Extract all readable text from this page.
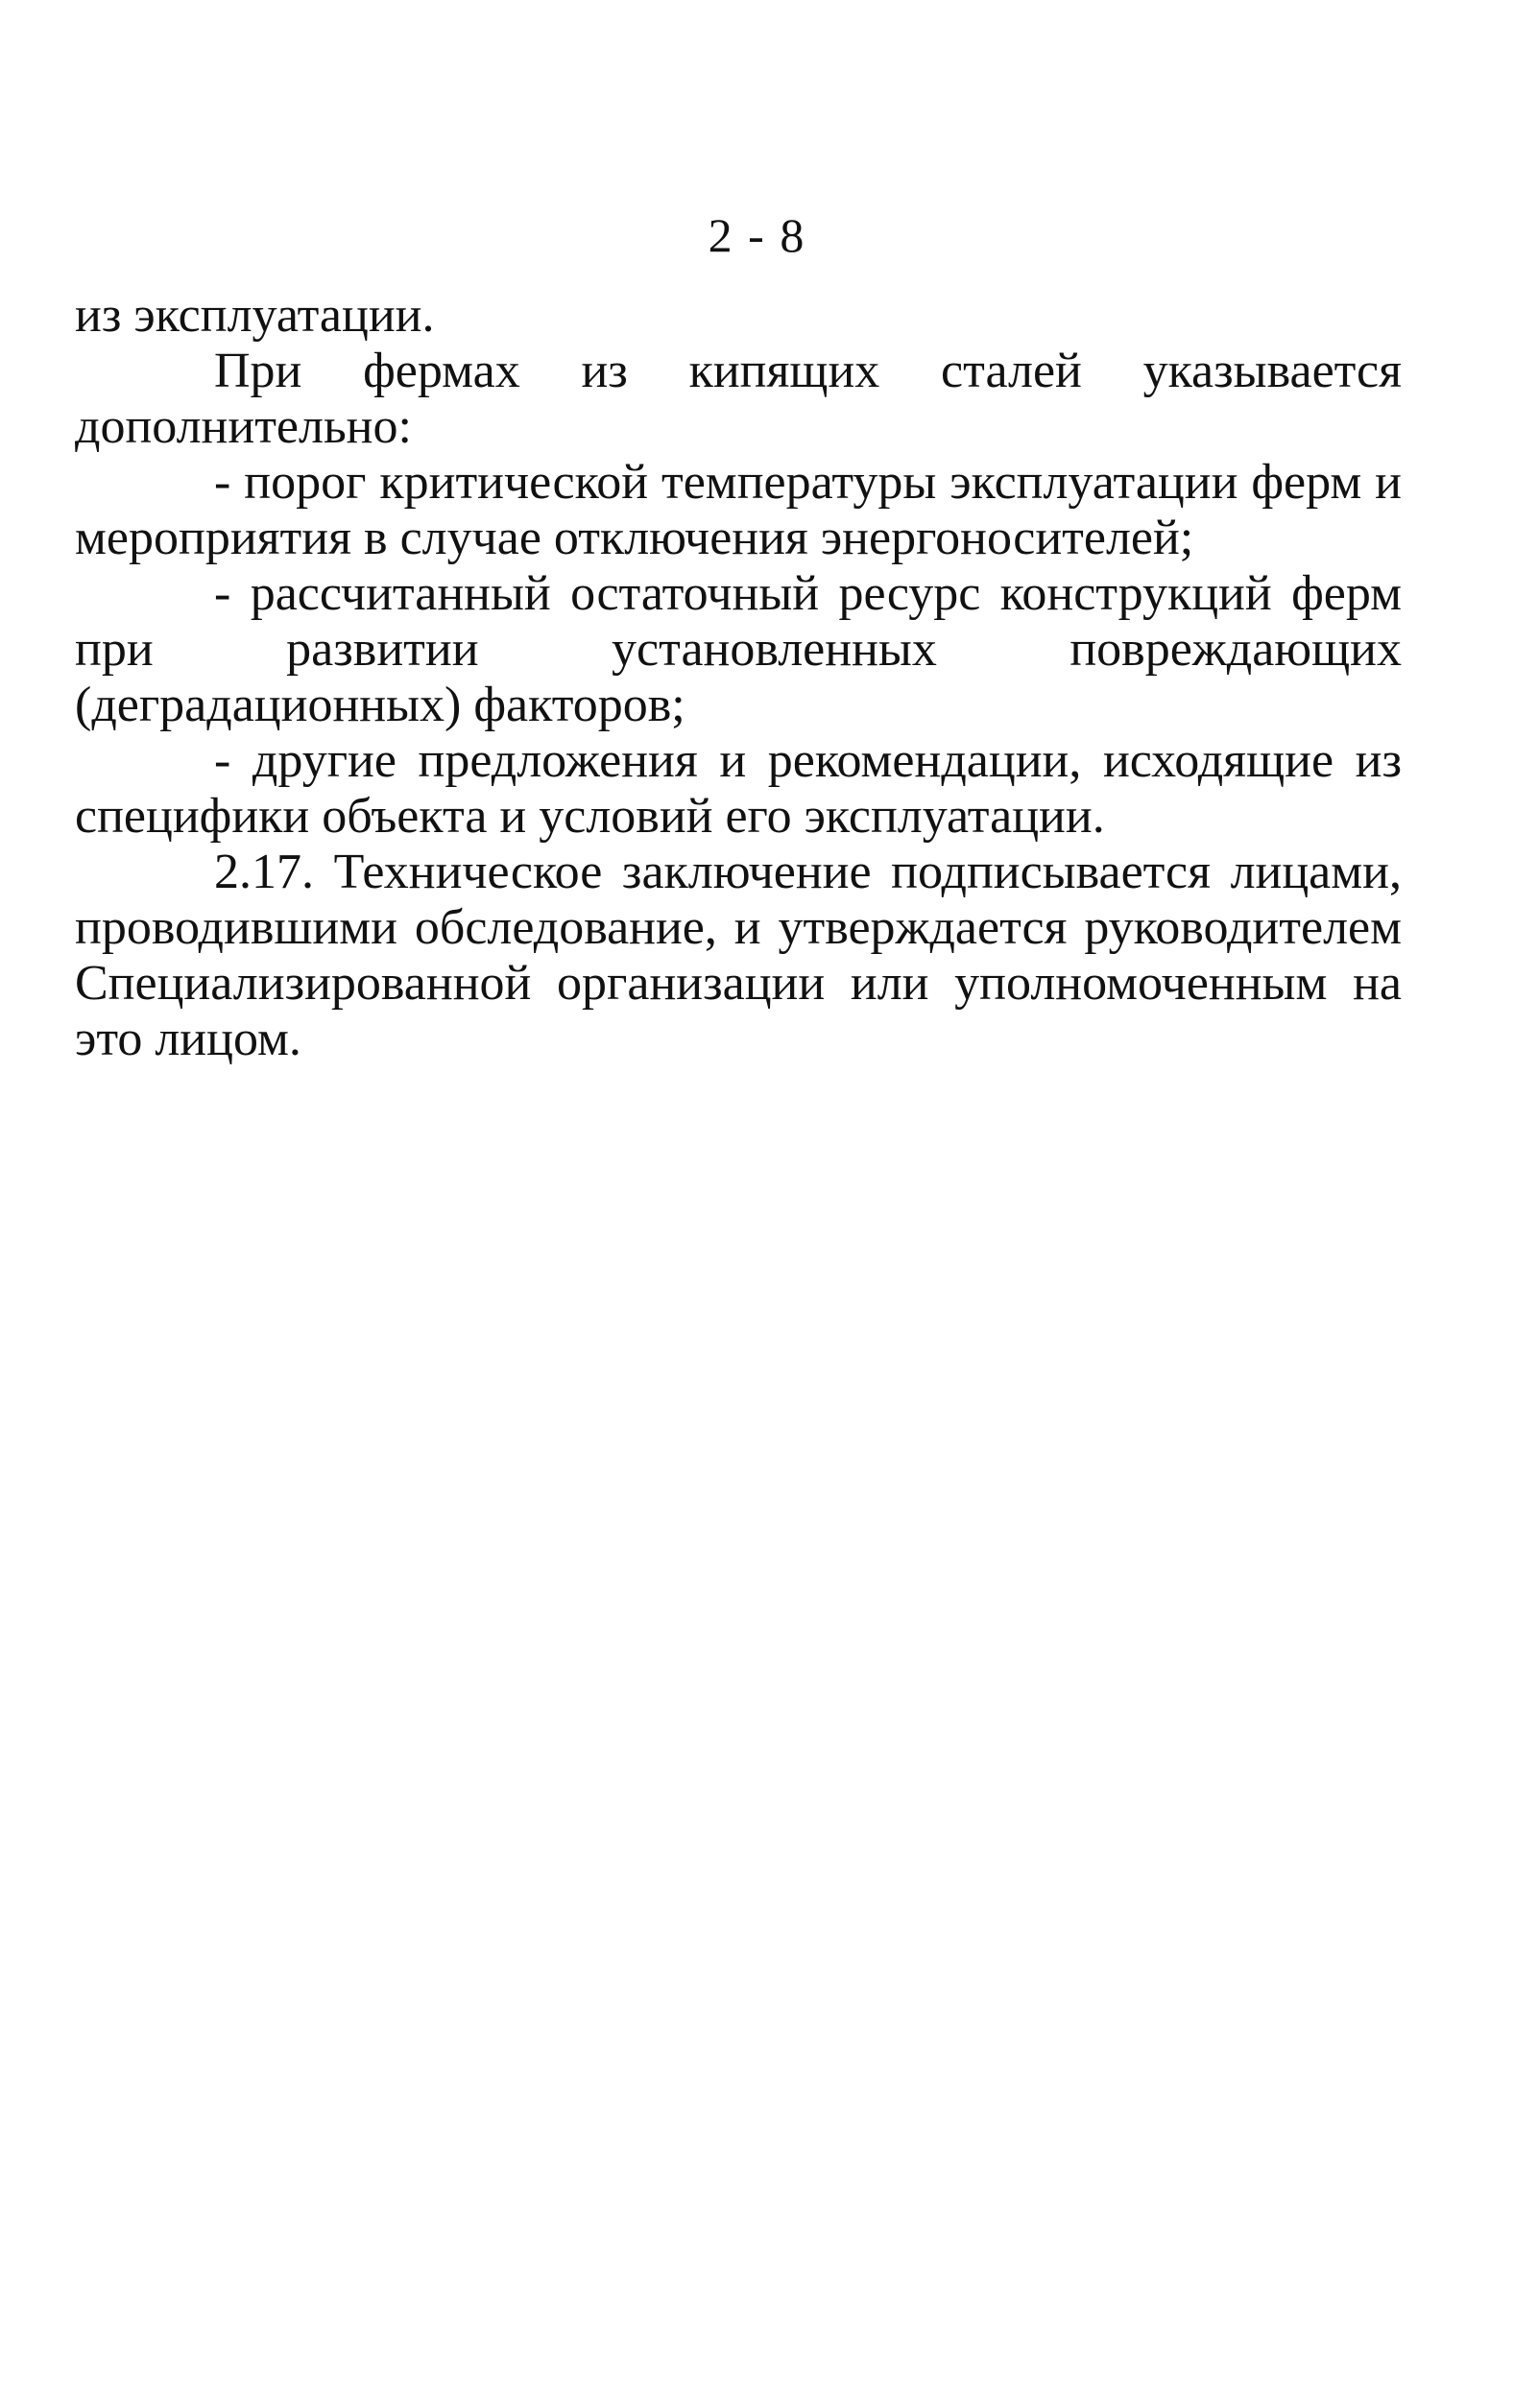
2 - 8

из эксплуатации.

При фермах из кипящих сталей указывается дополнительно:

- порог критической температуры эксплуатации ферм и мероприятия в случае отключения энергоносителей;

- рассчитанный остаточный ресурс конструкций ферм при развитии установленных повреждающих (деградационных) факторов;

- другие предложения и рекомендации, исходящие из специфики объекта и условий его эксплуатации.

2.17. Техническое заключение подписывается лицами, проводившими обследование, и утверждается руководителем Специализированной организации или уполномоченным на это лицом.
